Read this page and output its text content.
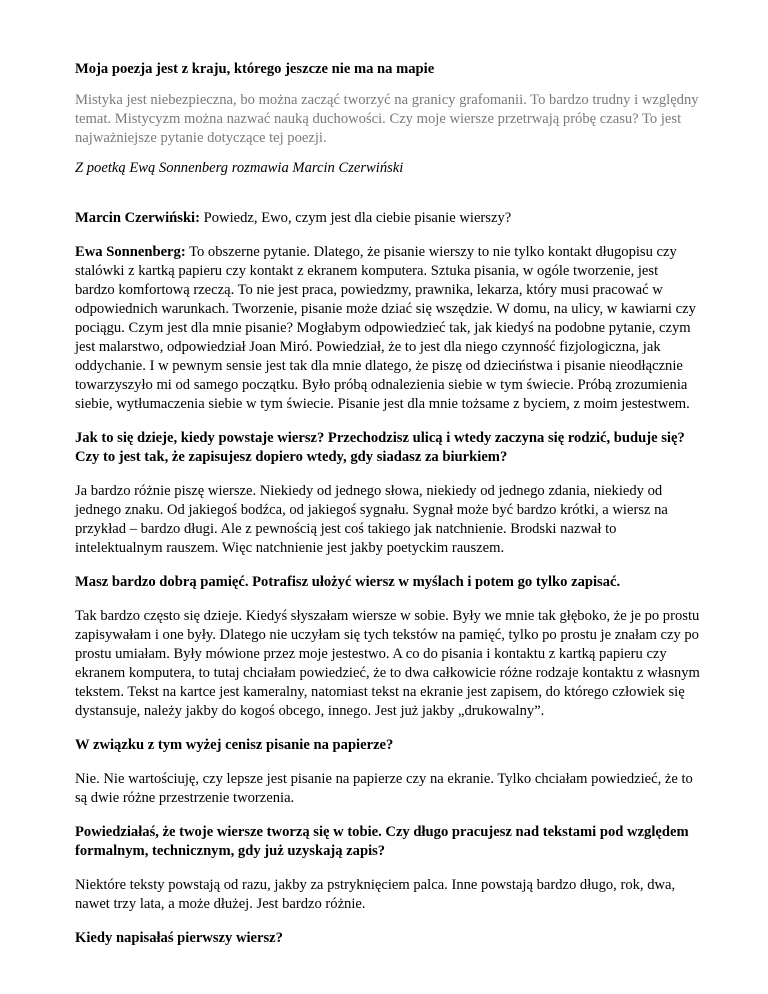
Moja poezja jest z kraju, którego jeszcze nie ma na mapie

Mistyka jest niebezpieczna, bo można zacząć tworzyć na granicy grafomanii. To bardzo trudny i względny temat. Mistycyzm można nazwać nauką duchowości. Czy moje wiersze przetrwają próbę czasu? To jest najważniejsze pytanie dotyczące tej poezji.

Z poetką Ewą Sonnenberg rozmawia Marcin Czerwiński

Marcin Czerwiński: Powiedz, Ewo, czym jest dla ciebie pisanie wierszy?

Ewa Sonnenberg: To obszerne pytanie. Dlatego, że pisanie wierszy to nie tylko kontakt długopisu czy stalówki z kartką papieru czy kontakt z ekranem komputera. Sztuka pisania, w ogóle tworzenie, jest bardzo komfortową rzeczą. To nie jest praca, powiedzmy, prawnika, lekarza, który musi pracować w odpowiednich warunkach. Tworzenie, pisanie może dziać się wszędzie. W domu, na ulicy, w kawiarni czy pociągu. Czym jest dla mnie pisanie? Mogłabym odpowiedzieć tak, jak kiedyś na podobne pytanie, czym jest malarstwo, odpowiedział Joan Miró. Powiedział, że to jest dla niego czynność fizjologiczna, jak oddychanie. I w pewnym sensie jest tak dla mnie dlatego, że piszę od dzieciństwa i pisanie nieodłącznie towarzyszyło mi od samego początku. Było próbą odnalezienia siebie w tym świecie. Próbą zrozumienia siebie, wytłumaczenia siebie w tym świecie. Pisanie jest dla mnie tożsame z byciem, z moim jestestwem.

Jak to się dzieje, kiedy powstaje wiersz? Przechodzisz ulicą i wtedy zaczyna się rodzić, buduje się? Czy to jest tak, że zapisujesz dopiero wtedy, gdy siadasz za biurkiem?

Ja bardzo różnie piszę wiersze. Niekiedy od jednego słowa, niekiedy od jednego zdania, niekiedy od jednego znaku. Od jakiegoś bodźca, od jakiegoś sygnału. Sygnał może być bardzo krótki, a wiersz na przykład – bardzo długi. Ale z pewnością jest coś takiego jak natchnienie. Brodski nazwał to intelektualnym rauszem. Więc natchnienie jest jakby poetyckim rauszem.

Masz bardzo dobrą pamięć. Potrafisz ułożyć wiersz w myślach i potem go tylko zapisać.

Tak bardzo często się dzieje. Kiedyś słyszałam wiersze w sobie. Były we mnie tak głęboko, że je po prostu zapisywałam i one były. Dlatego nie uczyłam się tych tekstów na pamięć, tylko po prostu je znałam czy po prostu umiałam. Były mówione przez moje jestestwo. A co do pisania i kontaktu z kartką papieru czy ekranem komputera, to tutaj chciałam powiedzieć, że to dwa całkowicie różne rodzaje kontaktu z własnym tekstem. Tekst na kartce jest kameralny, natomiast tekst na ekranie jest zapisem, do którego człowiek się dystansuje, należy jakby do kogoś obcego, innego. Jest już jakby „drukowalny”.

W związku z tym wyżej cenisz pisanie na papierze?

Nie. Nie wartościuję, czy lepsze jest pisanie na papierze czy na ekranie. Tylko chciałam powiedzieć, że to są dwie różne przestrzenie tworzenia.

Powiedziałaś, że twoje wiersze tworzą się w tobie. Czy długo pracujesz nad tekstami pod względem formalnym, technicznym, gdy już uzyskają zapis?

Niektóre teksty powstają od razu, jakby za pstryknięciem palca. Inne powstają bardzo długo, rok, dwa, nawet trzy lata, a może dłużej. Jest bardzo różnie.

Kiedy napisałaś pierwszy wiersz?
